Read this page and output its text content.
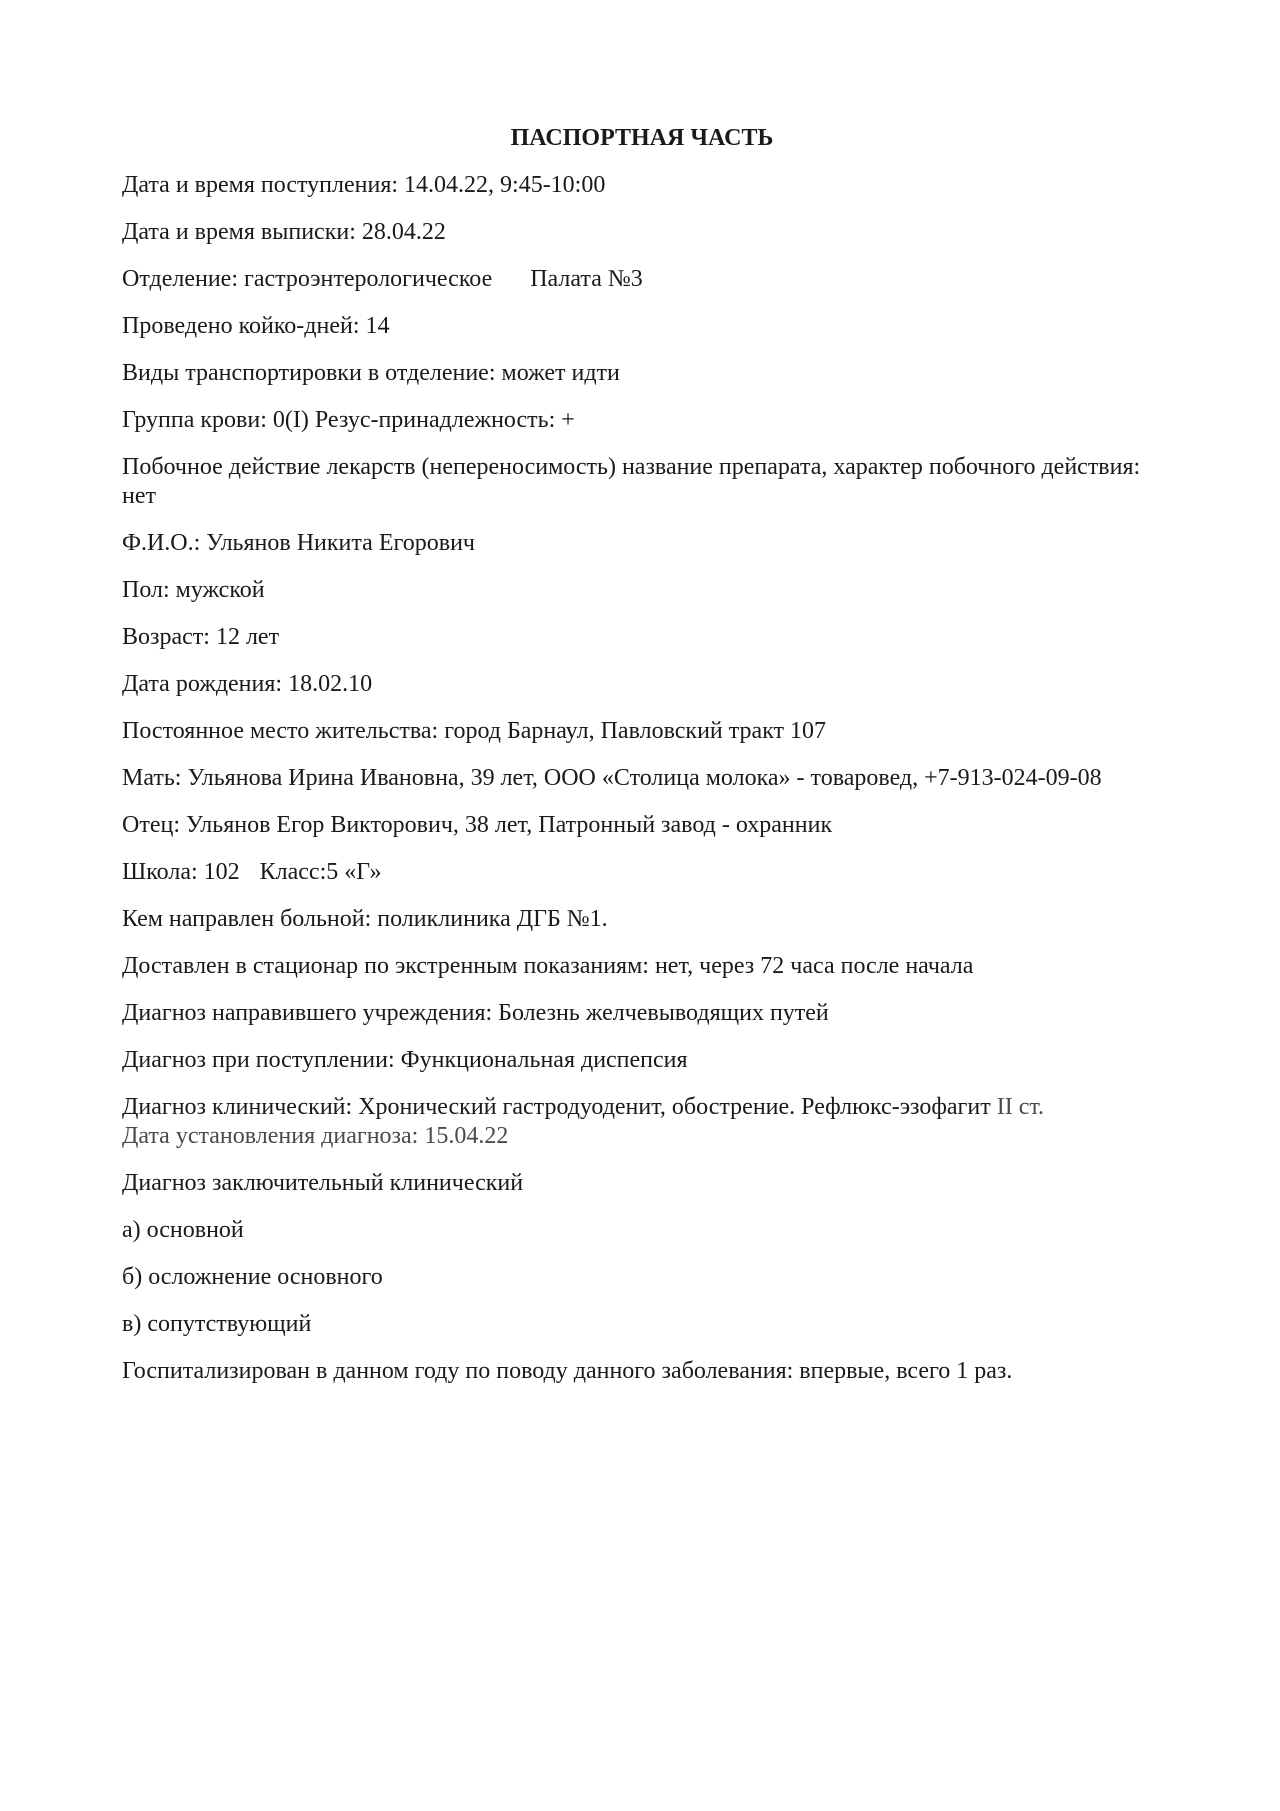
ПАСПОРТНАЯ ЧАСТЬ
Дата и время поступления: 14.04.22, 9:45-10:00
Дата и время выписки: 28.04.22
Отделение: гастроэнтерологическое Палата №3
Проведено койко-дней: 14
Виды транспортировки в отделение: может идти
Группа крови: 0(I) Резус-принадлежность: +
Побочное действие лекарств (непереносимость) название препарата, характер побочного действия: нет
Ф.И.О.: Ульянов Никита Егорович
Пол: мужской
Возраст: 12 лет
Дата рождения: 18.02.10
Постоянное место жительства: город Барнаул, Павловский тракт 107
Мать: Ульянова Ирина Ивановна, 39 лет, ООО «Столица молока» - товаровед, +7-913-024-09-08
Отец: Ульянов Егор Викторович, 38 лет, Патронный завод - охранник
Школа: 102 Класс:5 «Г»
Кем направлен больной: поликлиника ДГБ №1.
Доставлен в стационар по экстренным показаниям: нет, через 72 часа после начала
Диагноз направившего учреждения: Болезнь желчевыводящих путей
Диагноз при поступлении: Функциональная диспепсия
Диагноз клинический: Хронический гастродуоденит, обострение. Рефлюкс-эзофагит II ст.
Дата установления диагноза: 15.04.22
Диагноз заключительный клинический
а) основной
б) осложнение основного
в) сопутствующий
Госпитализирован в данном году по поводу данного заболевания: впервые, всего 1 раз.
